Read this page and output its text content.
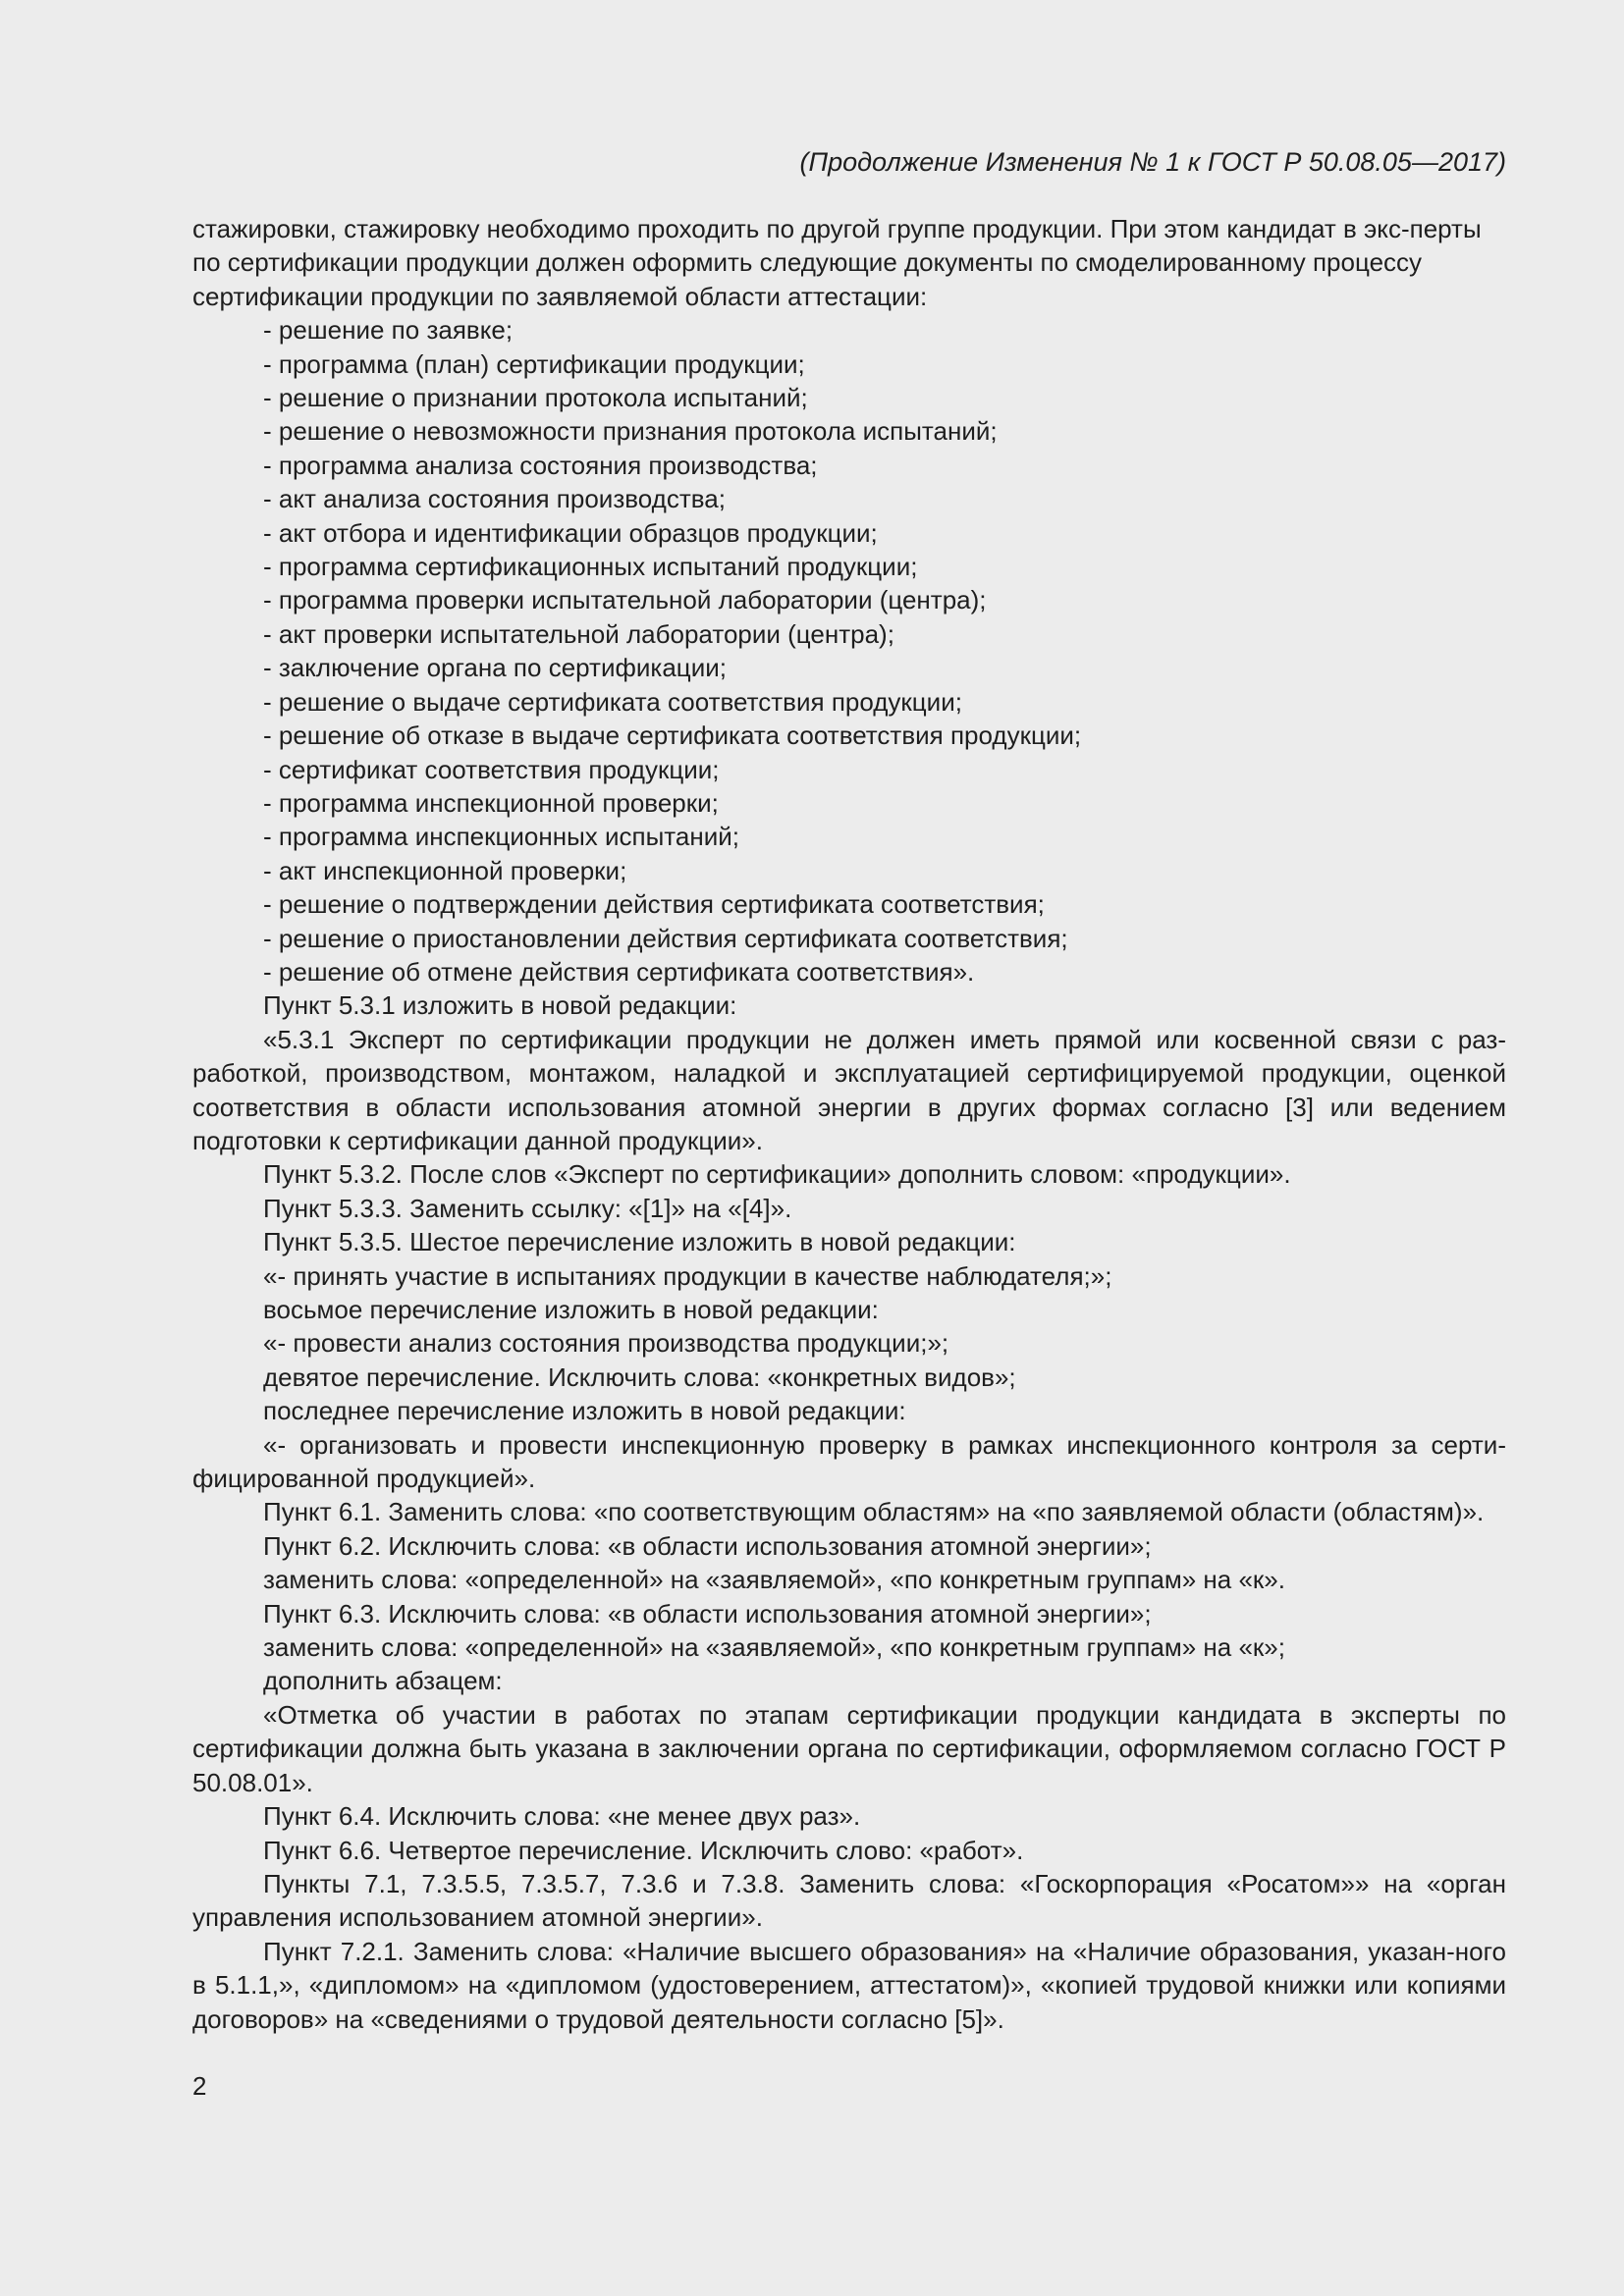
(Продолжение Изменения № 1 к ГОСТ Р 50.08.05—2017)

стажировки, стажировку необходимо проходить по другой группе продукции. При этом кандидат в экс-перты по сертификации продукции должен оформить следующие документы по смоделированному процессу сертификации продукции по заявляемой области аттестации:

- решение по заявке;

- программа (план) сертификации продукции;

- решение о признании протокола испытаний;

- решение о невозможности признания протокола испытаний;

- программа анализа состояния производства;

- акт анализа состояния производства;

- акт отбора и идентификации образцов продукции;

- программа сертификационных испытаний продукции;

- программа проверки испытательной лаборатории (центра);

- акт проверки испытательной лаборатории (центра);

- заключение органа по сертификации;

- решение о выдаче сертификата соответствия продукции;

- решение об отказе в выдаче сертификата соответствия продукции;

- сертификат соответствия продукции;

- программа инспекционной проверки;

- программа инспекционных испытаний;

- акт инспекционной проверки;

- решение о подтверждении действия сертификата соответствия;

- решение о приостановлении действия сертификата соответствия;

- решение об отмене действия сертификата соответствия».

Пункт 5.3.1 изложить в новой редакции:

«5.3.1 Эксперт по сертификации продукции не должен иметь прямой или косвенной связи с раз-работкой, производством, монтажом, наладкой и эксплуатацией сертифицируемой продукции, оценкой соответствия в области использования атомной энергии в других формах согласно [3] или ведением подготовки к сертификации данной продукции».

Пункт 5.3.2. После слов «Эксперт по сертификации» дополнить словом: «продукции».

Пункт 5.3.3. Заменить ссылку: «[1]» на «[4]».

Пункт 5.3.5. Шестое перечисление изложить в новой редакции:

«- принять участие в испытаниях продукции в качестве наблюдателя;»;

восьмое перечисление изложить в новой редакции:

«- провести анализ состояния производства продукции;»;

девятое перечисление. Исключить слова: «конкретных видов»;

последнее перечисление изложить в новой редакции:

«- организовать и провести инспекционную проверку в рамках инспекционного контроля за серти-фицированной продукцией».

Пункт 6.1. Заменить слова: «по соответствующим областям» на «по заявляемой области (областям)».

Пункт 6.2. Исключить слова: «в области использования атомной энергии»;

заменить слова: «определенной» на «заявляемой», «по конкретным группам» на «к».

Пункт 6.3. Исключить слова: «в области использования атомной энергии»;

заменить слова: «определенной» на «заявляемой», «по конкретным группам» на «к»;

дополнить абзацем:

«Отметка об участии в работах по этапам сертификации продукции кандидата в эксперты по сертификации должна быть указана в заключении органа по сертификации, оформляемом согласно ГОСТ Р 50.08.01».

Пункт 6.4. Исключить слова: «не менее двух раз».

Пункт 6.6. Четвертое перечисление. Исключить слово: «работ».

Пункты 7.1, 7.3.5.5, 7.3.5.7, 7.3.6 и 7.3.8. Заменить слова: «Госкорпорация «Росатом»» на «орган управления использованием атомной энергии».

Пункт 7.2.1. Заменить слова: «Наличие высшего образования» на «Наличие образования, указан-ного в 5.1.1,», «дипломом» на «дипломом (удостоверением, аттестатом)», «копией трудовой книжки или копиями договоров» на «сведениями о трудовой деятельности согласно [5]».

2
